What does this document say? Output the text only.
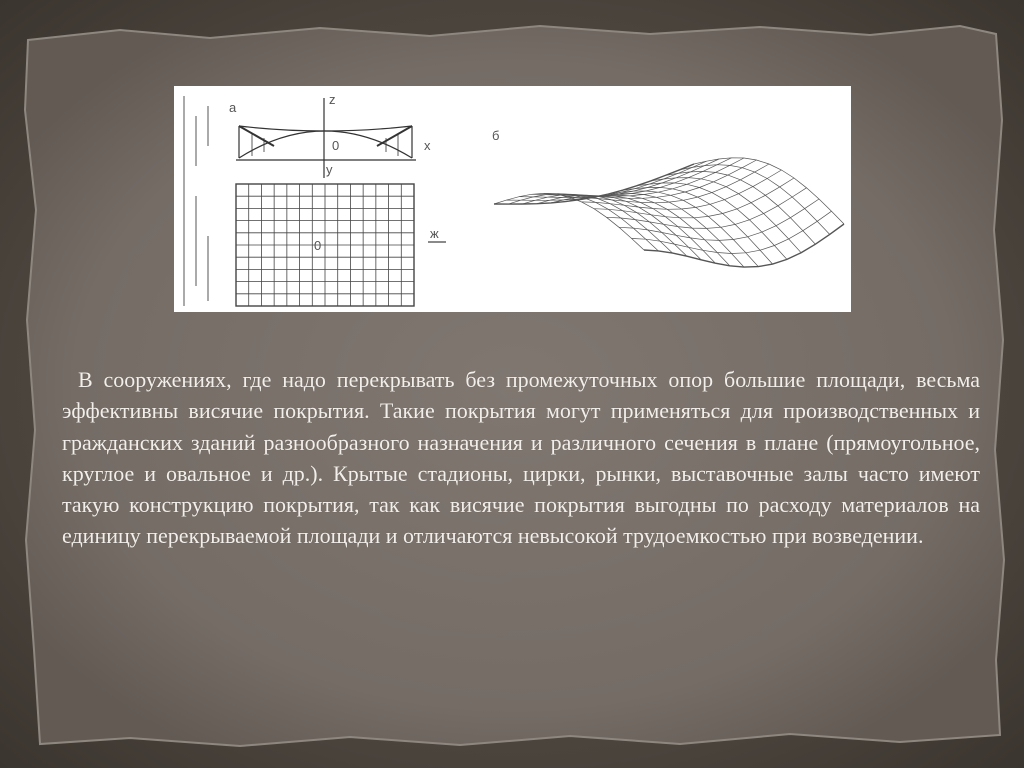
а
z
0	x
y
0
ж
б

В сооружениях, где надо перекрывать без промежуточных опор большие площади, весьма эффективны висячие покрытия. Такие покрытия могут применяться для производственных и гражданских зданий разнообразного назначения и различного сечения в плане (прямоугольное, круглое и овальное и др.). Крытые стадионы, цирки, рынки, выставочные залы часто имеют такую конструкцию покрытия, так как висячие покрытия выгодны по расходу материалов на единицу перекрываемой площади и отличаются невысокой трудоемкостью при возведении.
